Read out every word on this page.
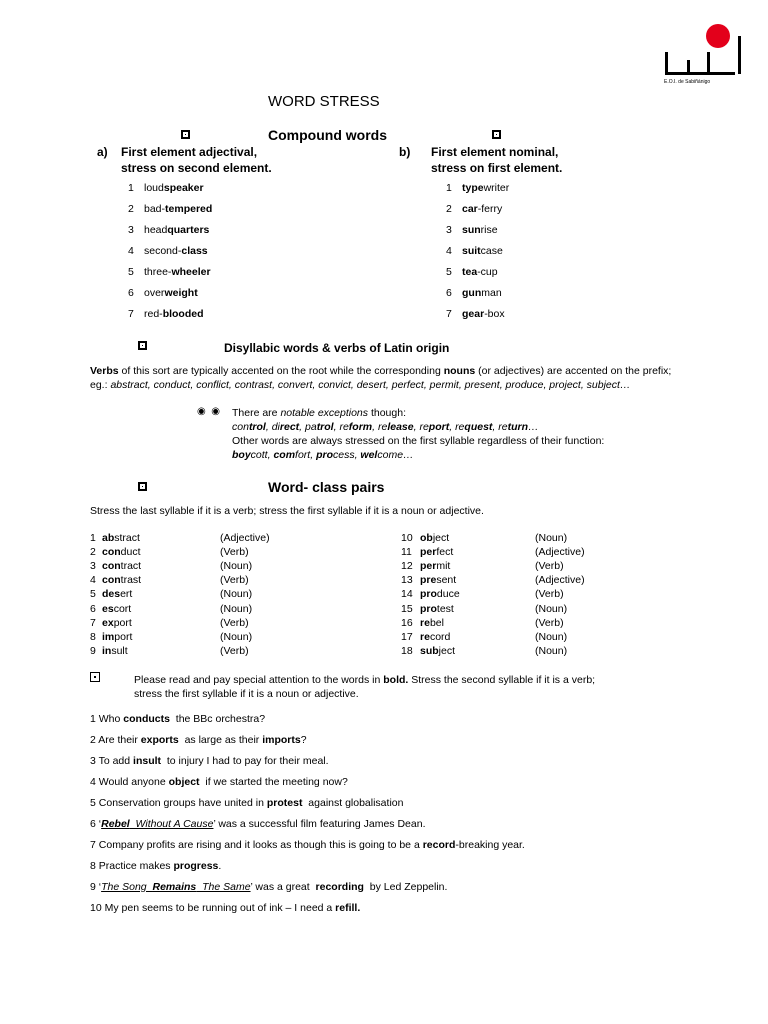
E.O.I. de Sabiñánigo
WORD STRESS
Compound words
a) First element adjectival,
stress on second element.
b) First element nominal,
stress on first element.
1 loudspeaker
2 bad-tempered
3 headquarters
4 second-class
5 three-wheeler
6 overweight
7 red-blooded
1 typewriter
2 car-ferry
3 sunrise
4 suitcase
5 tea-cup
6 gunman
7 gear-box
Disyllabic words & verbs of Latin origin
Verbs of this sort are typically accented on the root while the corresponding nouns (or adjectives) are accented on the prefix; eg.: abstract, conduct, conflict, contrast, convert, convict, desert, perfect, permit, present, produce, project, subject…
◉  ◉ There are notable exceptions though:
control, direct, patrol, reform, release, report, request, return…
Other words are always stressed on the first syllable regardless of their function:
boycott, comfort, process, welcome…
Word- class pairs
Stress the last syllable if it is a verb; stress the first syllable if it is a noun or adjective.
1 abstract	(Adjective)
2 conduct	(Verb)
3 contract	(Noun)
4 contrast	(Verb)
5 desert	(Noun)
6 escort	(Noun)
7 export	(Verb)
8 import	(Noun)
9 insult	(Verb)
10 object	(Noun)
11 perfect	(Adjective)
12 permit	(Verb)
13 present	(Adjective)
14 produce	(Verb)
15 protest	(Noun)
16 rebel	(Verb)
17 record	(Noun)
18 subject	(Noun)
Please read and pay special attention to the words in bold. Stress the second syllable if it is a verb;
stress the first syllable if it is a noun or adjective.
1 Who conducts  the BBc orchestra?
2 Are their exports  as large as their imports?
3 To add insult  to injury I had to pay for their meal.
4 Would anyone object  if we started the meeting now?
5 Conservation groups have united in protest  against globalisation
6 ‘Rebel  Without A Cause’ was a successful film featuring James Dean.
7 Company profits are rising and it looks as though this is going to be a record-breaking year.
8 Practice makes progress.
9 ‘The Song  Remains  The Same’ was a great  recording  by Led Zeppelin.
10 My pen seems to be running out of ink – I need a refill.
